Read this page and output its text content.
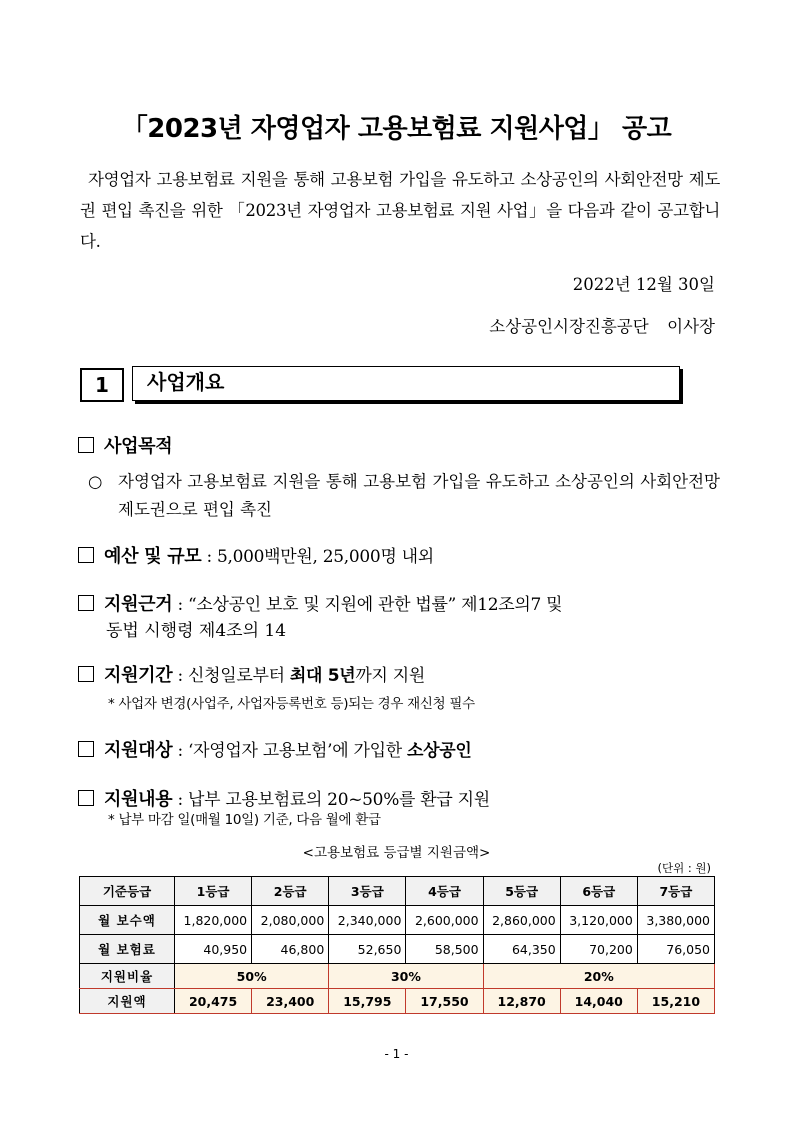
「2023년 자영업자 고용보험료 지원사업」 공고
자영업자 고용보험료 지원을 통해 고용보험 가입을 유도하고 소상공인의 사회안전망 제도권 편입 촉진을 위한 「2023년 자영업자 고용보험료 지원 사업」을 다음과 같이 공고합니다.
2022년 12월 30일
소상공인시장진흥공단  이사장
1	사업개요
사업목적
○ 자영업자 고용보험료 지원을 통해 고용보험 가입을 유도하고 소상공인의 사회안전망 제도권으로 편입 촉진
예산 및 규모 : 5,000백만원, 25,000명 내외
지원근거 : “소상공인 보호 및 지원에 관한 법률” 제12조의7 및
동법 시행령 제4조의 14
지원기간 : 신청일로부터 최대 5년까지 지원
* 사업자 변경(사업주, 사업자등록번호 등)되는 경우 재신청 필수
지원대상 : ‘자영업자 고용보험’에 가입한 소상공인
지원내용 : 납부 고용보험료의 20~50%를 환급 지원
* 납부 마감 일(매월 10일) 기준, 다음 월에 환급
<고용보험료 등급별 지원금액>
(단위 : 원)
기준등급	1등급	2등급	3등급	4등급	5등급	6등급	7등급
월 보수액	1,820,000	2,080,000	2,340,000	2,600,000	2,860,000	3,120,000	3,380,000
월 보험료	40,950	46,800	52,650	58,500	64,350	70,200	76,050
지원비율	50%		30%		20%		
지원액	20,475	23,400	15,795	17,550	12,870	14,040	15,210
- 1 -
